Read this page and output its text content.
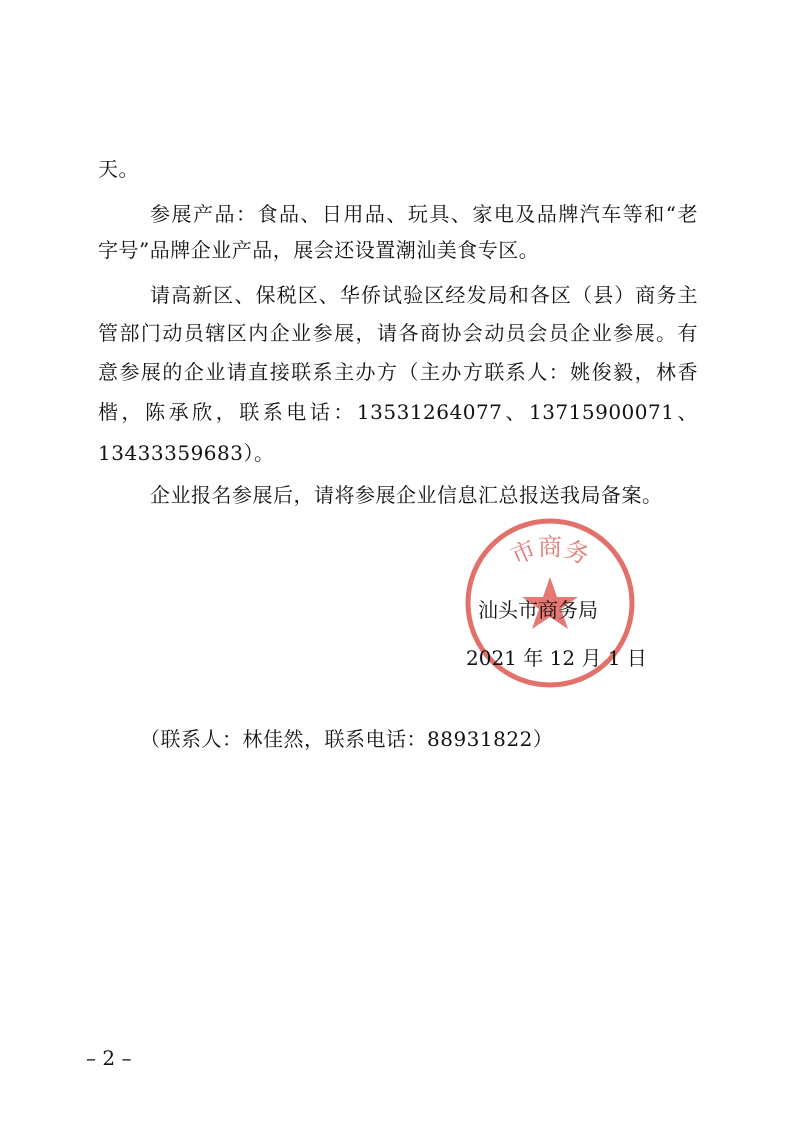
天。
参展产品：食品、日用品、玩具、家电及品牌汽车等和“老
字号”品牌企业产品，展会还设置潮汕美食专区。
请高新区、保税区、华侨试验区经发局和各区（县）商务主
管部门动员辖区内企业参展，请各商协会动员会员企业参展。有
意参展的企业请直接联系主办方（主办方联系人：姚俊毅，林香
楷，陈承欣，联系电话：13531264077、13715900071、
13433359683）。
企业报名参展后，请将参展企业信息汇总报送我局备案。
市商务
汕头市商务局
2021 年 12 月 1 日
（联系人：林佳然，联系电话：88931822）
– 2 –
